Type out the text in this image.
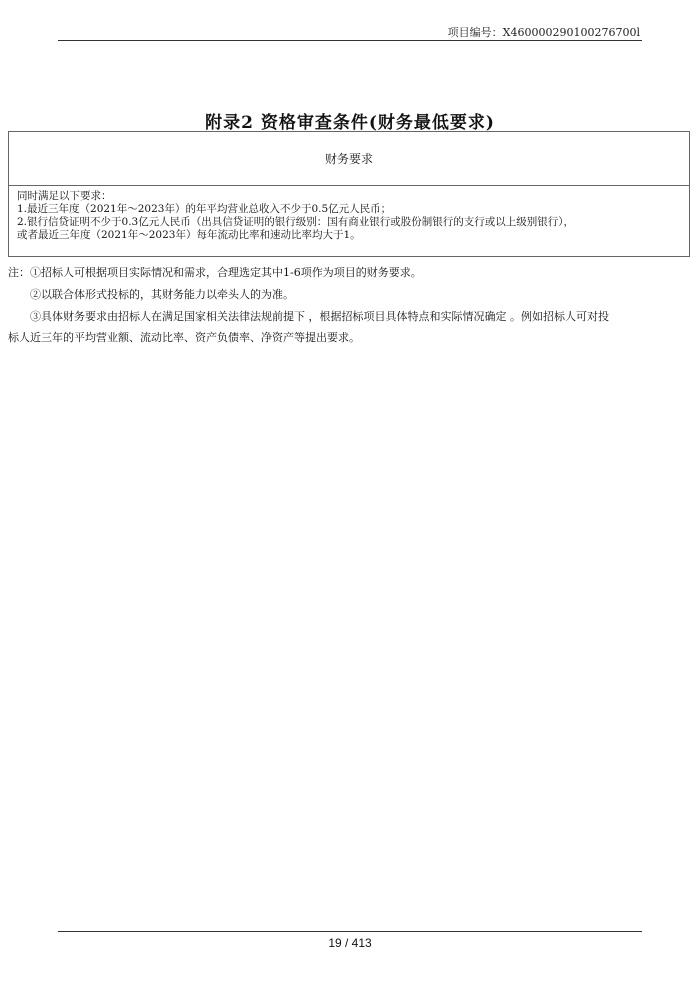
项目编号：X460000290100276700l
附录2 资格审查条件(财务最低要求)
财务要求

同时满足以下要求：
1.最近三年度（2021年～2023年）的年平均营业总收入不少于0.5亿元人民币；
2.银行信贷证明不少于0.3亿元人民币（出具信贷证明的银行级别：国有商业银行或股份制银行的支行或以上级别银行），
或者最近三年度（2021年～2023年）每年流动比率和速动比率均大于1。
注：①招标人可根据项目实际情况和需求，合理选定其中1-6项作为项目的财务要求。
②以联合体形式投标的，其财务能力以牵头人的为准。
③具体财务要求由招标人在满足国家相关法律法规前提下 ，根据招标项目具体特点和实际情况确定 。例如招标人可对投
标人近三年的平均营业额、流动比率、资产负债率、净资产等提出要求。
19 / 413
